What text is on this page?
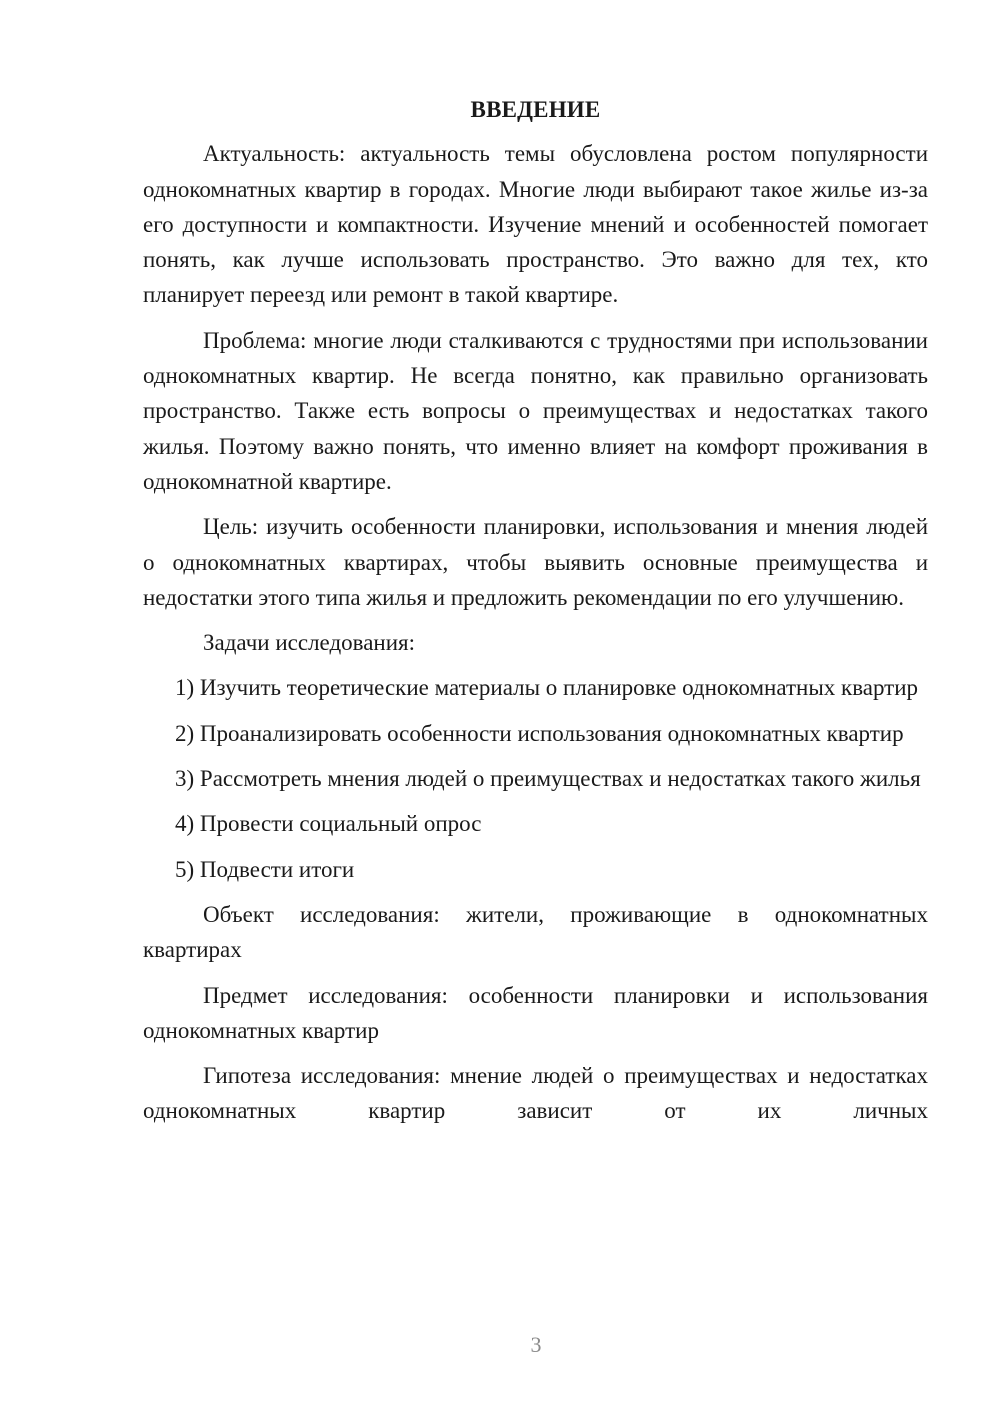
ВВЕДЕНИЕ

Актуальность: актуальность темы обусловлена ростом популярности однокомнатных квартир в городах. Многие люди выбирают такое жилье из-за его доступности и компактности. Изучение мнений и особенностей помогает понять, как лучше использовать пространство. Это важно для тех, кто планирует переезд или ремонт в такой квартире.

Проблема: многие люди сталкиваются с трудностями при использовании однокомнатных квартир. Не всегда понятно, как правильно организовать пространство. Также есть вопросы о преимуществах и недостатках такого жилья. Поэтому важно понять, что именно влияет на комфорт проживания в однокомнатной квартире.

Цель: изучить особенности планировки, использования и мнения людей о однокомнатных квартирах, чтобы выявить основные преимущества и недостатки этого типа жилья и предложить рекомендации по его улучшению.

Задачи исследования:

1) Изучить теоретические материалы о планировке однокомнатных квартир

2) Проанализировать особенности использования однокомнатных квартир

3) Рассмотреть мнения людей о преимуществах и недостатках такого жилья

4) Провести социальный опрос

5) Подвести итоги

Объект исследования: жители, проживающие в однокомнатных квартирах

Предмет исследования: особенности планировки и использования однокомнатных квартир

Гипотеза исследования: мнение людей о преимуществах и недостатках однокомнатных квартир зависит от их личных

3
